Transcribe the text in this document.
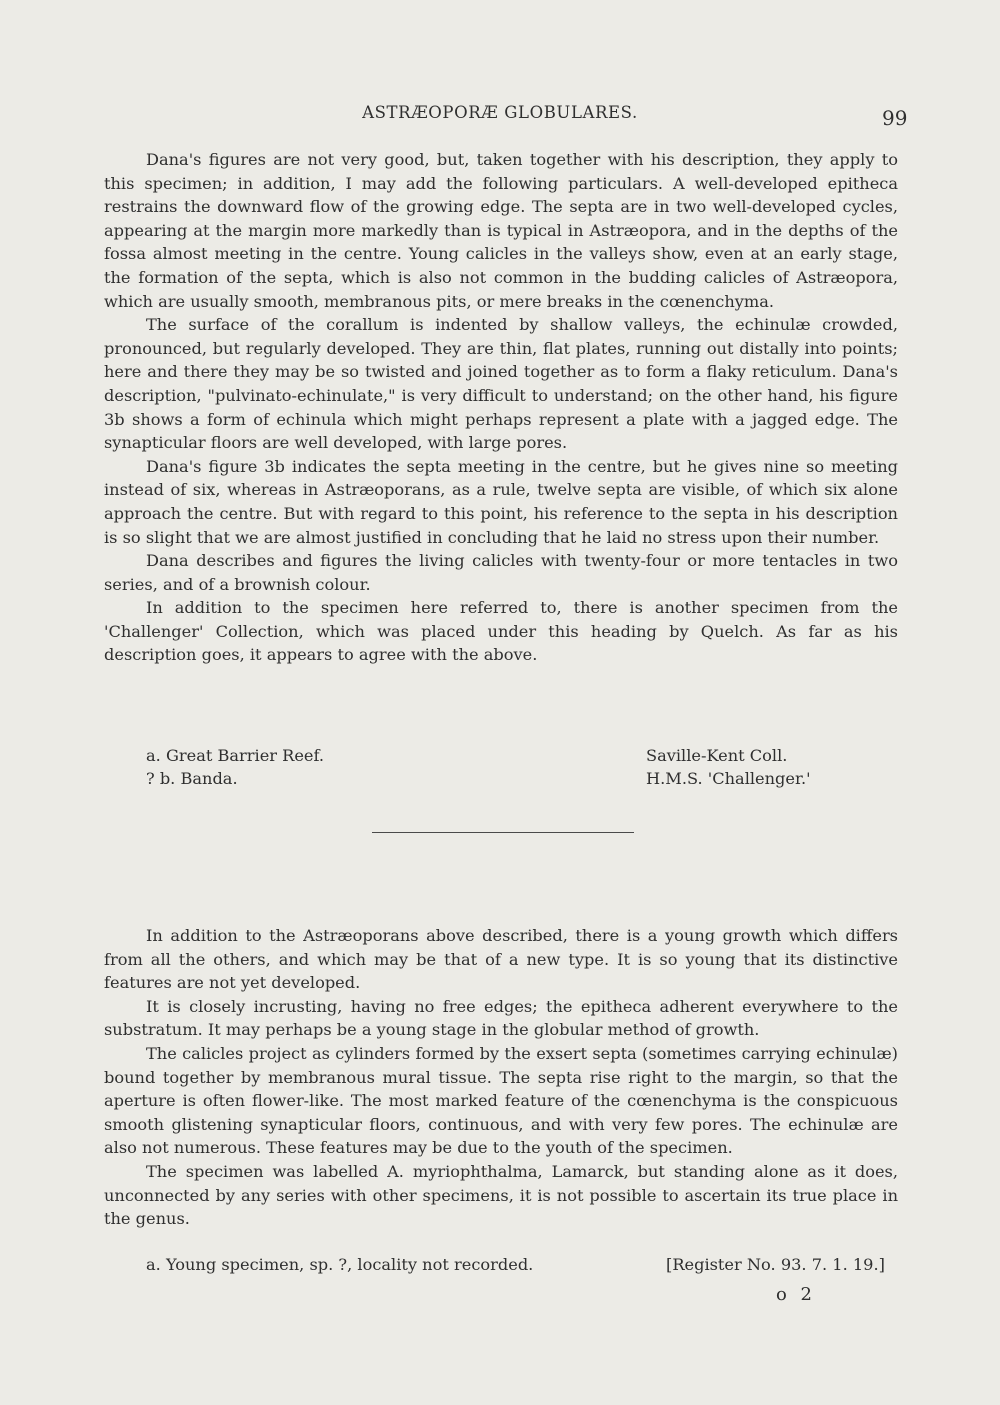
ASTRÆOPORÆ GLOBULARES.	99

Dana's figures are not very good, but, taken together with his description, they apply to this specimen; in addition, I may add the following particulars. A well-developed epitheca restrains the downward flow of the growing edge. The septa are in two well-developed cycles, appearing at the margin more markedly than is typical in Astræopora, and in the depths of the fossa almost meeting in the centre. Young calicles in the valleys show, even at an early stage, the formation of the septa, which is also not common in the budding calicles of Astræopora, which are usually smooth, membranous pits, or mere breaks in the cœnenchyma.

The surface of the corallum is indented by shallow valleys, the echinulæ crowded, pronounced, but regularly developed. They are thin, flat plates, running out distally into points; here and there they may be so twisted and joined together as to form a flaky reticulum. Dana's description, "pulvinato-echinulate," is very difficult to understand; on the other hand, his figure 3b shows a form of echinula which might perhaps represent a plate with a jagged edge. The synapticular floors are well developed, with large pores.

Dana's figure 3b indicates the septa meeting in the centre, but he gives nine so meeting instead of six, whereas in Astræoporans, as a rule, twelve septa are visible, of which six alone approach the centre. But with regard to this point, his reference to the septa in his description is so slight that we are almost justified in concluding that he laid no stress upon their number.

Dana describes and figures the living calicles with twenty-four or more tentacles in two series, and of a brownish colour.

In addition to the specimen here referred to, there is another specimen from the 'Challenger' Collection, which was placed under this heading by Quelch. As far as his description goes, it appears to agree with the above.

a. Great Barrier Reef.	Saville-Kent Coll.
? b. Banda.	H.M.S. 'Challenger.'

In addition to the Astræoporans above described, there is a young growth which differs from all the others, and which may be that of a new type. It is so young that its distinctive features are not yet developed.

It is closely incrusting, having no free edges; the epitheca adherent everywhere to the substratum. It may perhaps be a young stage in the globular method of growth.

The calicles project as cylinders formed by the exsert septa (sometimes carrying echinulæ) bound together by membranous mural tissue. The septa rise right to the margin, so that the aperture is often flower-like. The most marked feature of the cœnenchyma is the conspicuous smooth glistening synapticular floors, continuous, and with very few pores. The echinulæ are also not numerous. These features may be due to the youth of the specimen.

The specimen was labelled A. myriophthalma, Lamarck, but standing alone as it does, unconnected by any series with other specimens, it is not possible to ascertain its true place in the genus.

a. Young specimen, sp. ?, locality not recorded.	[Register No. 93. 7. 1. 19.]
o 2
